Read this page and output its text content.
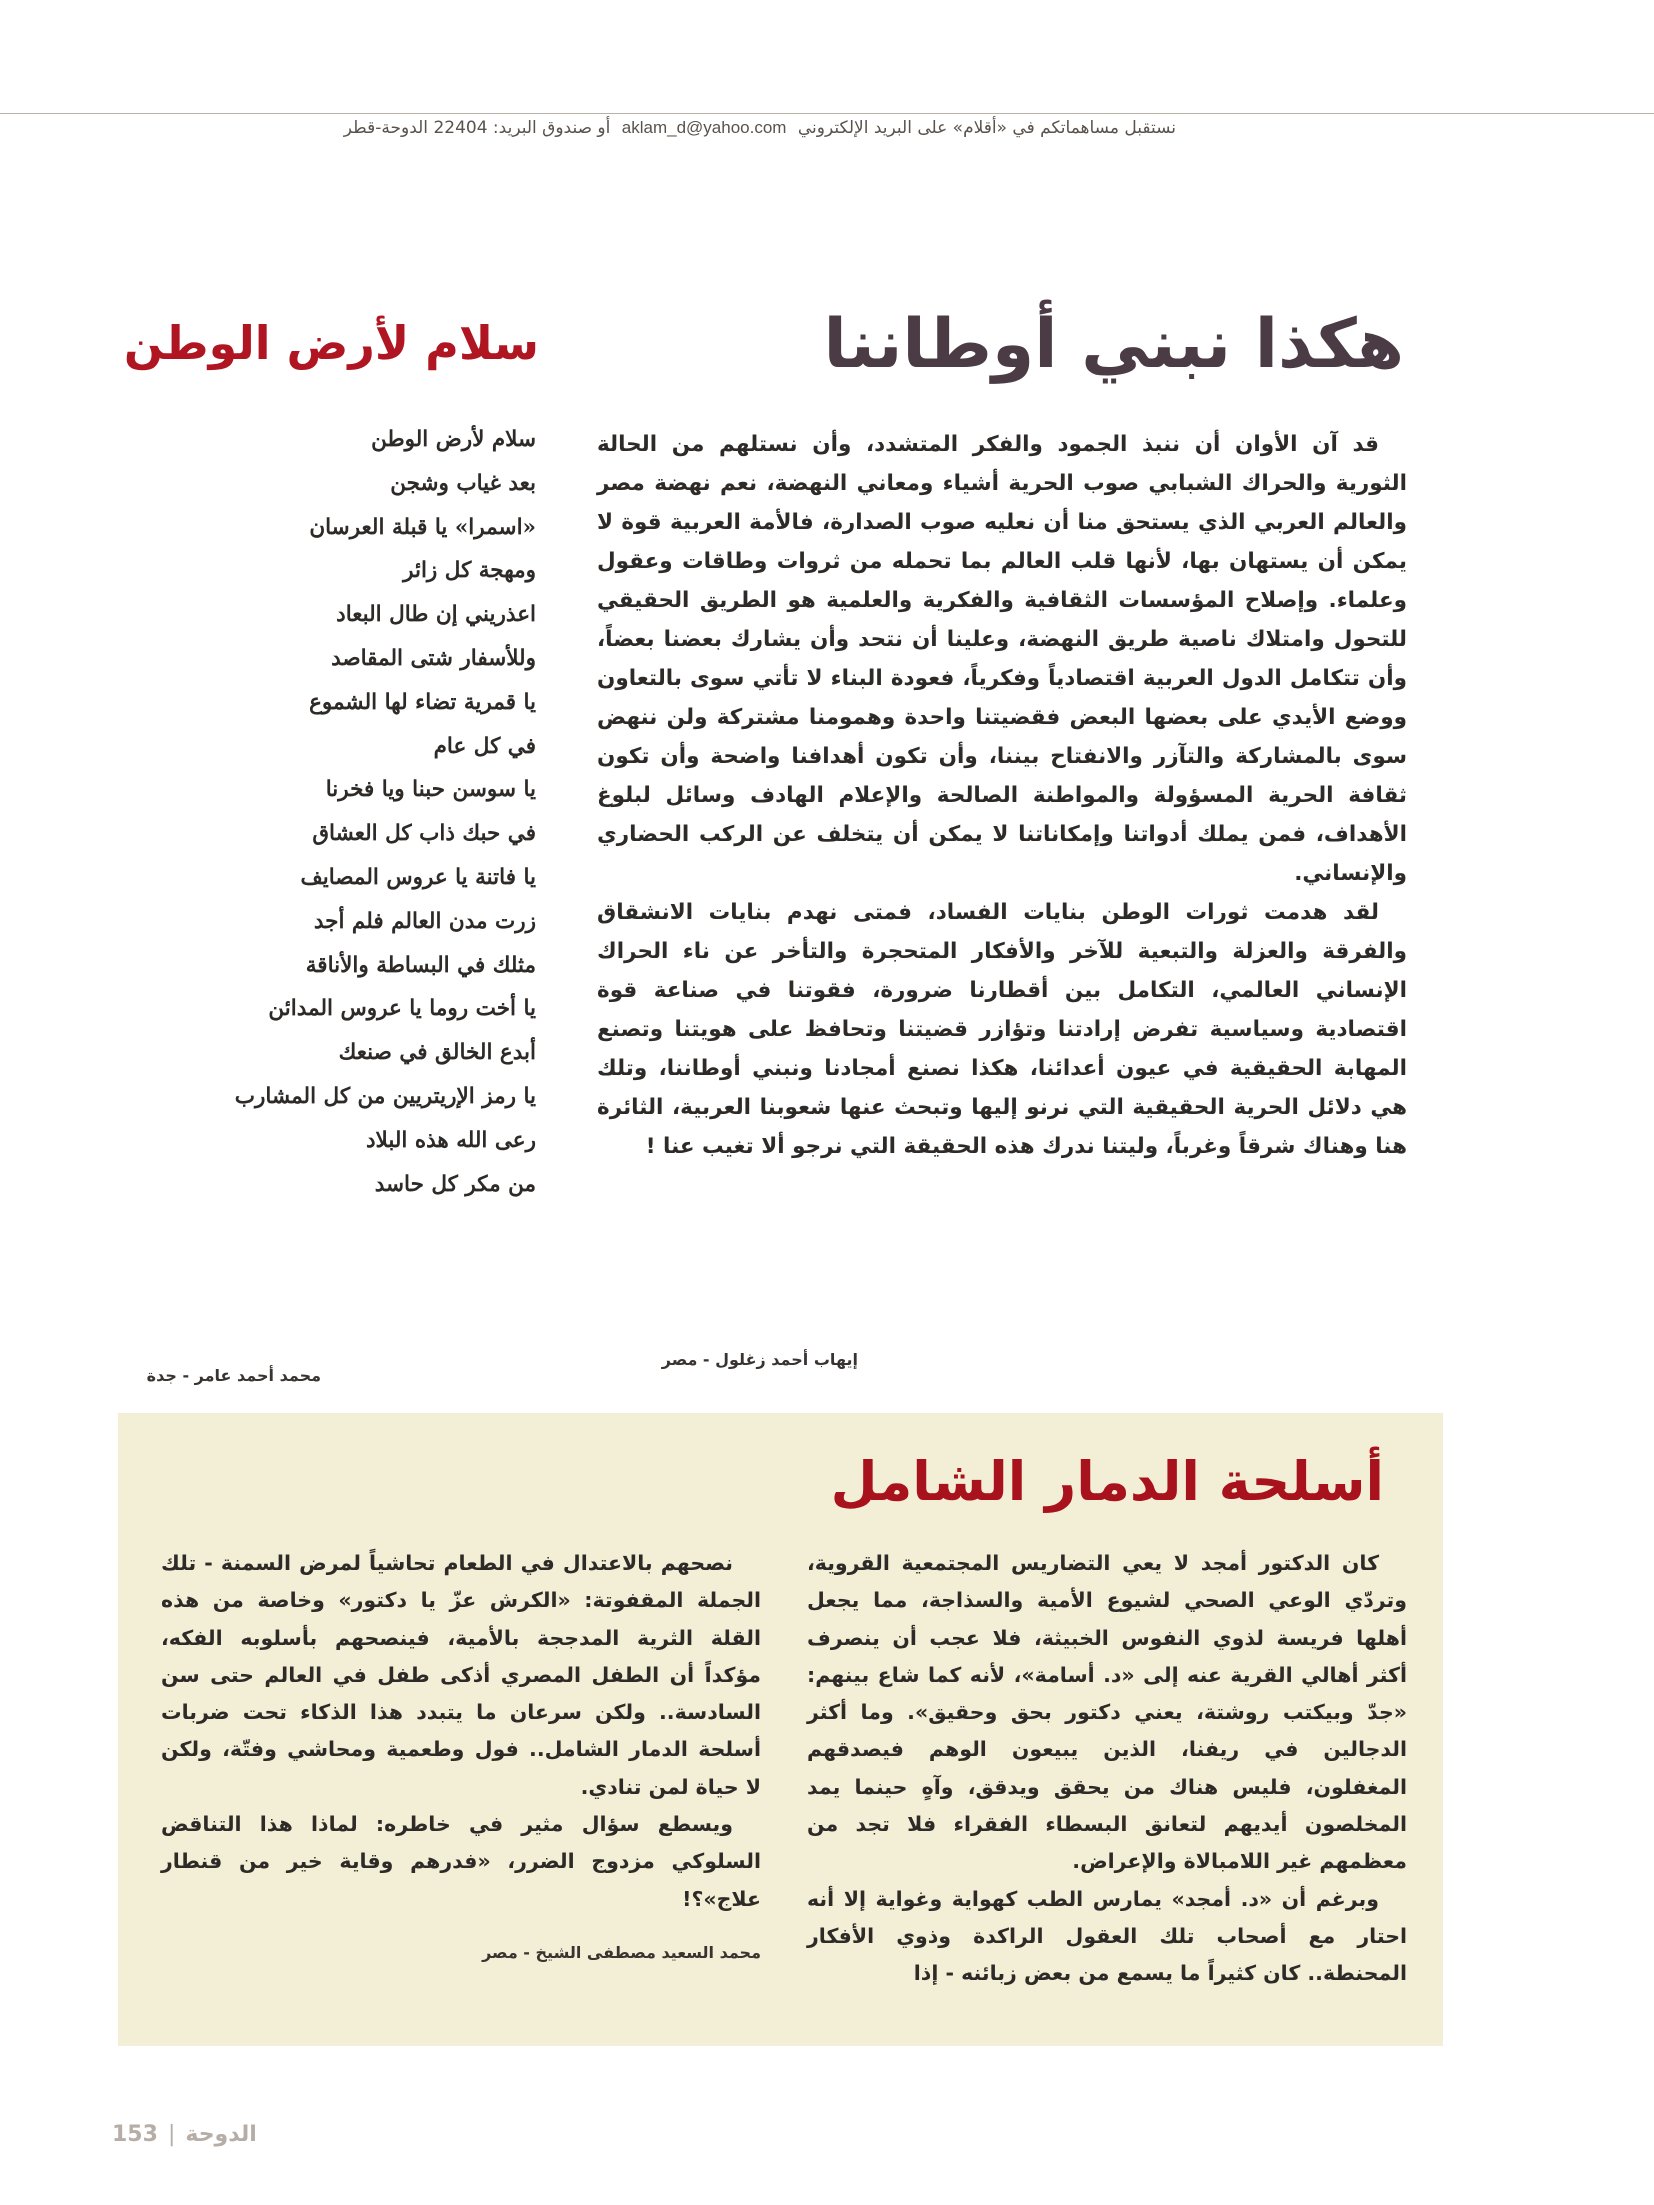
نستقبل مساهماتكم في «أقلام» على البريد الإلكتروني aklam_d@yahoo.com أو صندوق البريد: 22404 الدوحة-قطر
هكذا نبني أوطاننا
سلام لأرض الوطن

قد آن الأوان أن ننبذ الجمود والفكر المتشدد، وأن نستلهم من الحالة الثورية والحراك الشبابي صوب الحرية أشياء ومعاني النهضة، نعم نهضة مصر والعالم العربي الذي يستحق منا أن نعليه صوب الصدارة، فالأمة العربية قوة لا يمكن أن يستهان بها، لأنها قلب العالم بما تحمله من ثروات وطاقات وعقول وعلماء. وإصلاح المؤسسات الثقافية والفكرية والعلمية هو الطريق الحقيقي للتحول وامتلاك ناصية طريق النهضة، وعلينا أن نتحد وأن يشارك بعضنا بعضاً، وأن تتكامل الدول العربية اقتصادياً وفكرياً، فعودة البناء لا تأتي سوى بالتعاون ووضع الأيدي على بعضها البعض فقضيتنا واحدة وهمومنا مشتركة ولن ننهض سوى بالمشاركة والتآزر والانفتاح بيننا، وأن تكون أهدافنا واضحة وأن تكون ثقافة الحرية المسؤولة والمواطنة الصالحة والإعلام الهادف وسائل لبلوغ الأهداف، فمن يملك أدواتنا وإمكاناتنا لا يمكن أن يتخلف عن الركب الحضاري والإنساني.

لقد هدمت ثورات الوطن بنايات الفساد، فمتى نهدم بنايات الانشقاق والفرقة والعزلة والتبعية للآخر والأفكار المتحجرة والتأخر عن ناء الحراك الإنساني العالمي، التكامل بين أقطارنا ضرورة، فقوتنا في صناعة قوة اقتصادية وسياسية تفرض إرادتنا وتؤازر قضيتنا وتحافظ على هويتنا وتصنع المهابة الحقيقية في عيون أعدائنا، هكذا نصنع أمجادنا ونبني أوطاننا، وتلك هي دلائل الحرية الحقيقية التي نرنو إليها وتبحث عنها شعوبنا العربية، الثائرة هنا وهناك شرقاً وغرباً، وليتنا ندرك هذه الحقيقة التي نرجو ألا تغيب عنا !

إيهاب أحمد زغلول - مصر
سلام لأرض الوطن
بعد غياب وشجن
«اسمرا» يا قبلة العرسان
ومهجة كل زائر
اعذريني إن طال البعاد
وللأسفار شتى المقاصد
يا قمرية تضاء لها الشموع
في كل عام
يا سوسن حبنا ويا فخرنا
في حبك ذاب كل العشاق
يا فاتنة يا عروس المصايف
زرت مدن العالم فلم أجد
مثلك في البساطة والأناقة
يا أخت روما يا عروس المدائن
أبدع الخالق في صنعك
يا رمز الإريتريين من كل المشارب
رعى الله هذه البلاد
من مكر كل حاسد
محمد أحمد عامر - جدة
أسلحة الدمار الشامل

كان الدكتور أمجد لا يعي التضاريس المجتمعية القروية، وتردّي الوعي الصحي لشيوع الأمية والسذاجة، مما يجعل أهلها فريسة لذوي النفوس الخبيثة، فلا عجب أن ينصرف أكثر أهالي القرية عنه إلى «د. أسامة»، لأنه كما شاع بينهم: «جدّ وبيكتب روشتة، يعني دكتور بحق وحقيق». وما أكثر الدجالين في ريفنا، الذين يبيعون الوهم فيصدقهم المغفلون، فليس هناك من يحقق ويدقق، وآهٍ حينما يمد المخلصون أيديهم لتعانق البسطاء الفقراء فلا تجد من معظمهم غير اللامبالاة والإعراض.

وبرغم أن «د. أمجد» يمارس الطب كهواية وغواية إلا أنه احتار مع أصحاب تلك العقول الراكدة وذوي الأفكار المحنطة.. كان كثيراً ما يسمع من بعض زبائنه - إذا

نصحهم بالاعتدال في الطعام تحاشياً لمرض السمنة - تلك الجملة المقفوتة: «الكرش عزّ يا دكتور» وخاصة من هذه القلة الثرية المدججة بالأمية، فينصحهم بأسلوبه الفكه، مؤكداً أن الطفل المصري أذكى طفل في العالم حتى سن السادسة.. ولكن سرعان ما يتبدد هذا الذكاء تحت ضربات أسلحة الدمار الشامل.. فول وطعمية ومحاشي وفتّة، ولكن لا حياة لمن تنادي.

ويسطع سؤال مثير في خاطره: لماذا هذا التناقض السلوكي مزدوج الضرر، «فدرهم وقاية خير من قنطار علاج»؟!

محمد السعيد مصطفى الشيخ - مصر
الدوحة|153
